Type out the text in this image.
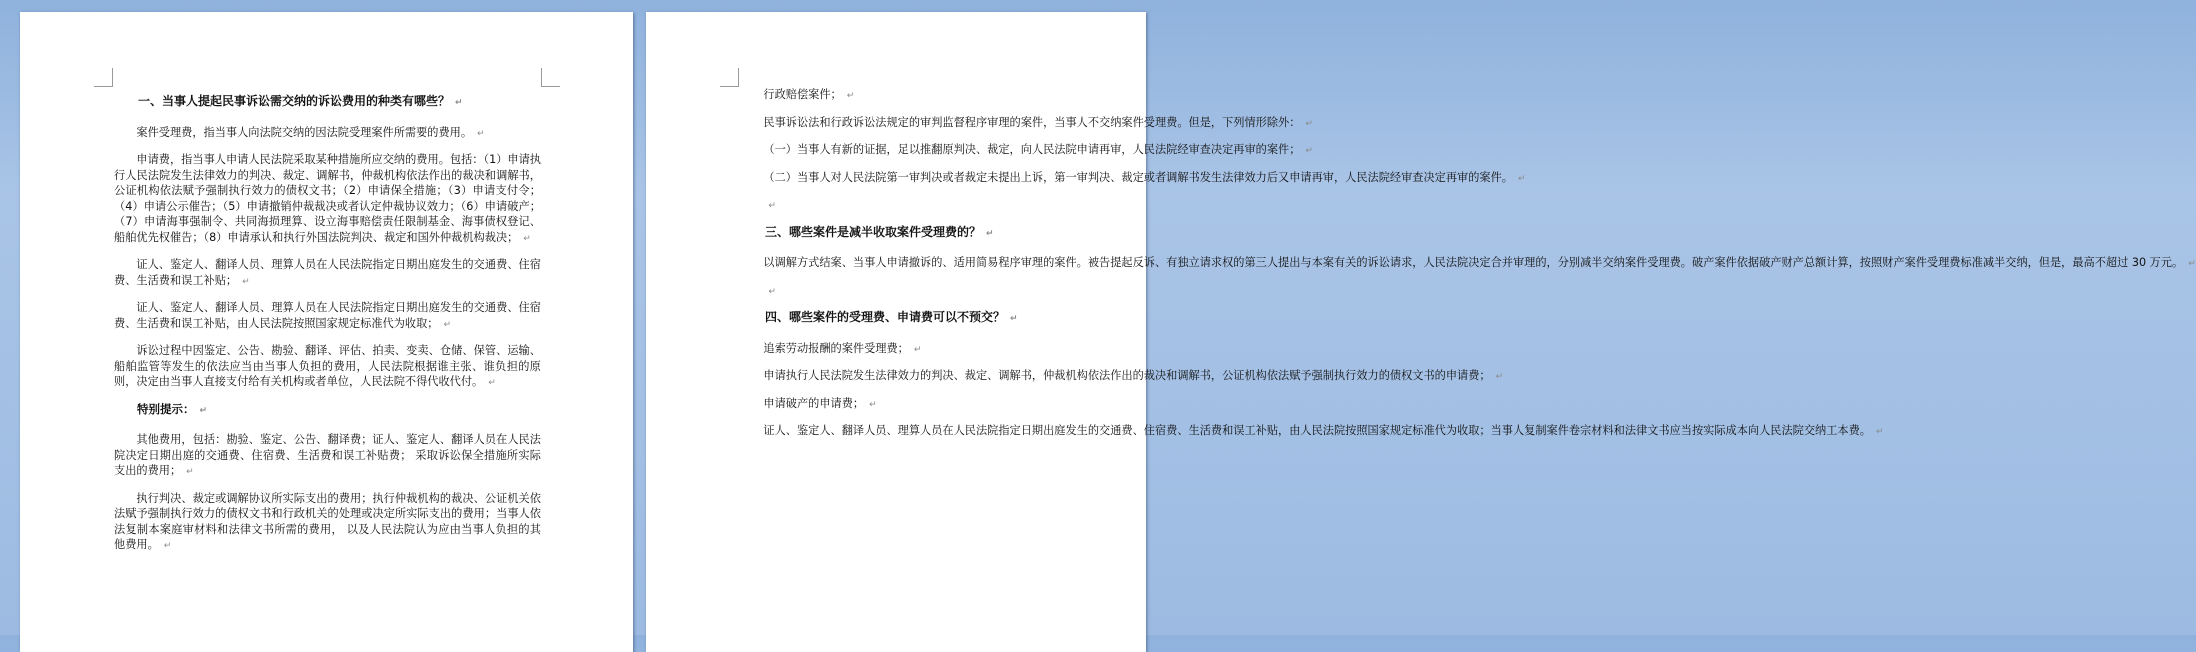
一、当事人提起民事诉讼需交纳的诉讼费用的种类有哪些？ ↵

案件受理费，指当事人向法院交纳的因法院受理案件所需要的费用。 ↵

申请费，指当事人申请人民法院采取某种措施所应交纳的费用。包括：（1）申请执行人民法院发生法律效力的判决、裁定、调解书，仲裁机构依法作出的裁决和调解书，公证机构依法赋予强制执行效力的债权文书；（2）申请保全措施；（3）申请支付令；（4）申请公示催告；（5）申请撤销仲裁裁决或者认定仲裁协议效力；（6）申请破产；（7）申请海事强制令、共同海损理算、设立海事赔偿责任限制基金、海事债权登记、船舶优先权催告；（8）申请承认和执行外国法院判决、裁定和国外仲裁机构裁决； ↵

证人、鉴定人、翻译人员、理算人员在人民法院指定日期出庭发生的交通费、住宿费、生活费和误工补贴； ↵

证人、鉴定人、翻译人员、理算人员在人民法院指定日期出庭发生的交通费、住宿费、生活费和误工补贴，由人民法院按照国家规定标准代为收取； ↵

诉讼过程中因鉴定、公告、勘验、翻译、评估、拍卖、变卖、仓储、保管、运输、船舶监管等发生的依法应当由当事人负担的费用，人民法院根据谁主张、谁负担的原则，决定由当事人直接支付给有关机构或者单位，人民法院不得代收代付。 ↵

特别提示： ↵

其他费用，包括：勘验、鉴定、公告、翻译费；证人、鉴定人、翻译人员在人民法院决定日期出庭的交通费、住宿费、生活费和误工补贴费； 采取诉讼保全措施所实际支出的费用； ↵

执行判决、裁定或调解协议所实际支出的费用；执行仲裁机构的裁决、公证机关依法赋予强制执行效力的债权文书和行政机关的处理或决定所实际支出的费用；当事人依法复制本案庭审材料和法律文书所需的费用， 以及人民法院认为应由当事人负担的其他费用。 ↵

行政赔偿案件； ↵

民事诉讼法和行政诉讼法规定的审判监督程序审理的案件，当事人不交纳案件受理费。但是，下列情形除外： ↵

（一）当事人有新的证据，足以推翻原判决、裁定，向人民法院申请再审，人民法院经审查决定再审的案件； ↵

（二）当事人对人民法院第一审判决或者裁定未提出上诉，第一审判决、裁定或者调解书发生法律效力后又申请再审，人民法院经审查决定再审的案件。 ↵

↵

三、哪些案件是减半收取案件受理费的？ ↵

以调解方式结案、当事人申请撤诉的、适用简易程序审理的案件。被告提起反诉、有独立请求权的第三人提出与本案有关的诉讼请求，人民法院决定合并审理的，分别减半交纳案件受理费。破产案件依据破产财产总额计算，按照财产案件受理费标准减半交纳，但是，最高不超过 30 万元。 ↵

↵

四、哪些案件的受理费、申请费可以不预交？ ↵

追索劳动报酬的案件受理费； ↵

申请执行人民法院发生法律效力的判决、裁定、调解书，仲裁机构依法作出的裁决和调解书，公证机构依法赋予强制执行效力的债权文书的申请费； ↵

申请破产的申请费； ↵

证人、鉴定人、翻译人员、理算人员在人民法院指定日期出庭发生的交通费、住宿费、生活费和误工补贴，由人民法院按照国家规定标准代为收取；当事人复制案件卷宗材料和法律文书应当按实际成本向人民法院交纳工本费。 ↵
